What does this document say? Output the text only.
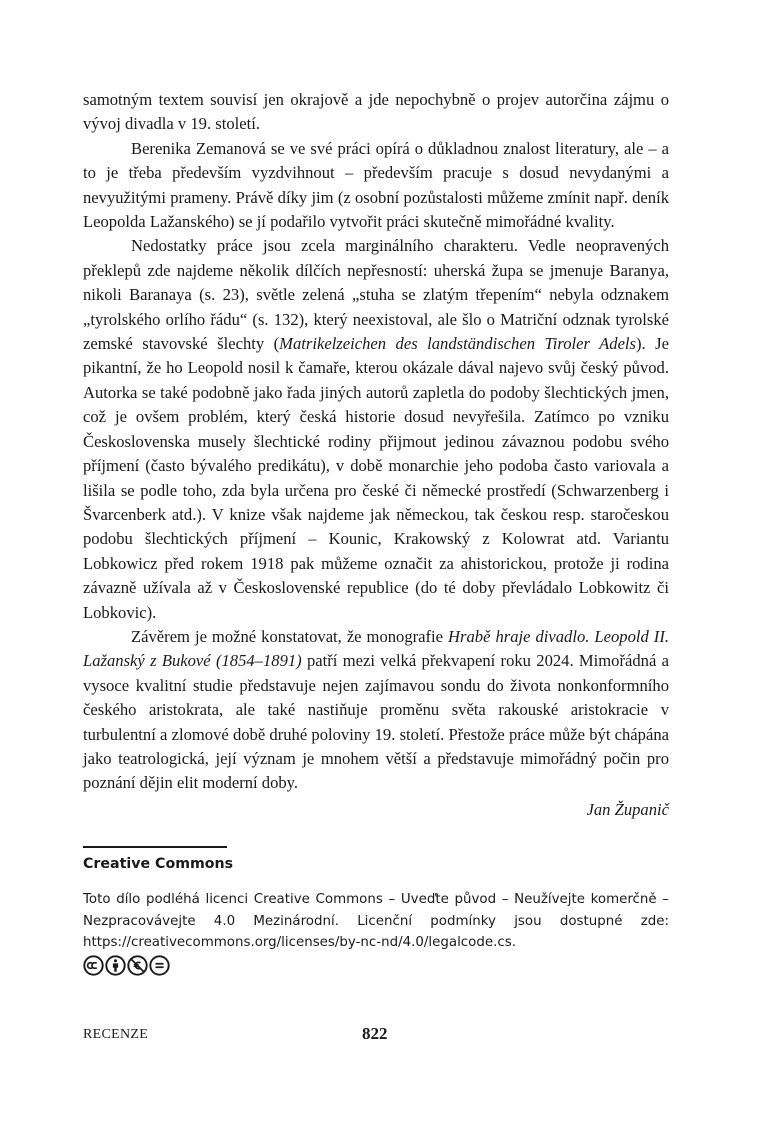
samotným textem souvisí jen okrajově a jde nepochybně o projev autorčina zájmu o vývoj divadla v 19. století.

Berenika Zemanová se ve své práci opírá o důkladnou znalost literatury, ale – a to je třeba především vyzdvihnout – především pracuje s dosud nevydanými a nevyužitými prameny. Právě díky jim (z osobní pozůstalosti můžeme zmínit např. deník Leopolda Lažanského) se jí podařilo vytvořit práci skutečně mimořádné kvality.

Nedostatky práce jsou zcela marginálního charakteru. Vedle neopravených překlepů zde najdeme několik dílčích nepřesností: uherská župa se jmenuje Baranya, nikoli Baranaya (s. 23), světle zelená „stuha se zlatým třepením“ nebyla odznakem „tyrolského orlího řádu“ (s. 132), který neexistoval, ale šlo o Matriční odznak tyrolské zemské stavovské šlechty (Matrikelzeichen des landständischen Tiroler Adels). Je pikantní, že ho Leopold nosil k čamaře, kterou okázale dával najevo svůj český původ. Autorka se také podobně jako řada jiných autorů zapletla do podoby šlechtických jmen, což je ovšem problém, který česká historie dosud nevyřešila. Zatímco po vzniku Československa musely šlechtické rodiny přijmout jedinou závaznou podobu svého příjmení (často bývalého predikátu), v době monarchie jeho podoba často variovala a lišila se podle toho, zda byla určena pro české či německé prostředí (Schwarzenberg i Švarcenberk atd.). V knize však najdeme jak německou, tak českou resp. staročeskou podobu šlechtických příjmení – Kounic, Krakowský z Kolowrat atd. Variantu Lobkowicz před rokem 1918 pak můžeme označit za ahistorickou, protože ji rodina závazně užívala až v Československé republice (do té doby převládalo Lobkowitz či Lobkovic).

Závěrem je možné konstatovat, že monografie Hrabě hraje divadlo. Leopold II. Lažanský z Bukové (1854–1891) patří mezi velká překvapení roku 2024. Mimořádná a vysoce kvalitní studie představuje nejen zajímavou sondu do života nonkonformního českého aristokrata, ale také nastiňuje proměnu světa rakouské aristokracie v turbulentní a zlomové době druhé poloviny 19. století. Přestože práce může být chápána jako teatrologická, její význam je mnohem větší a představuje mimořádný počin pro poznání dějin elit moderní doby.

Jan Županič
Creative Commons
Toto dílo podléhá licenci Creative Commons – Uveďte původ – Neužívejte komerčně – Nezpracovávejte 4.0 Mezinárodní. Licenční podmínky jsou dostupné zde: https://creativecommons.org/licenses/by-nc-nd/4.0/legalcode.cs.
RECENZE	822
